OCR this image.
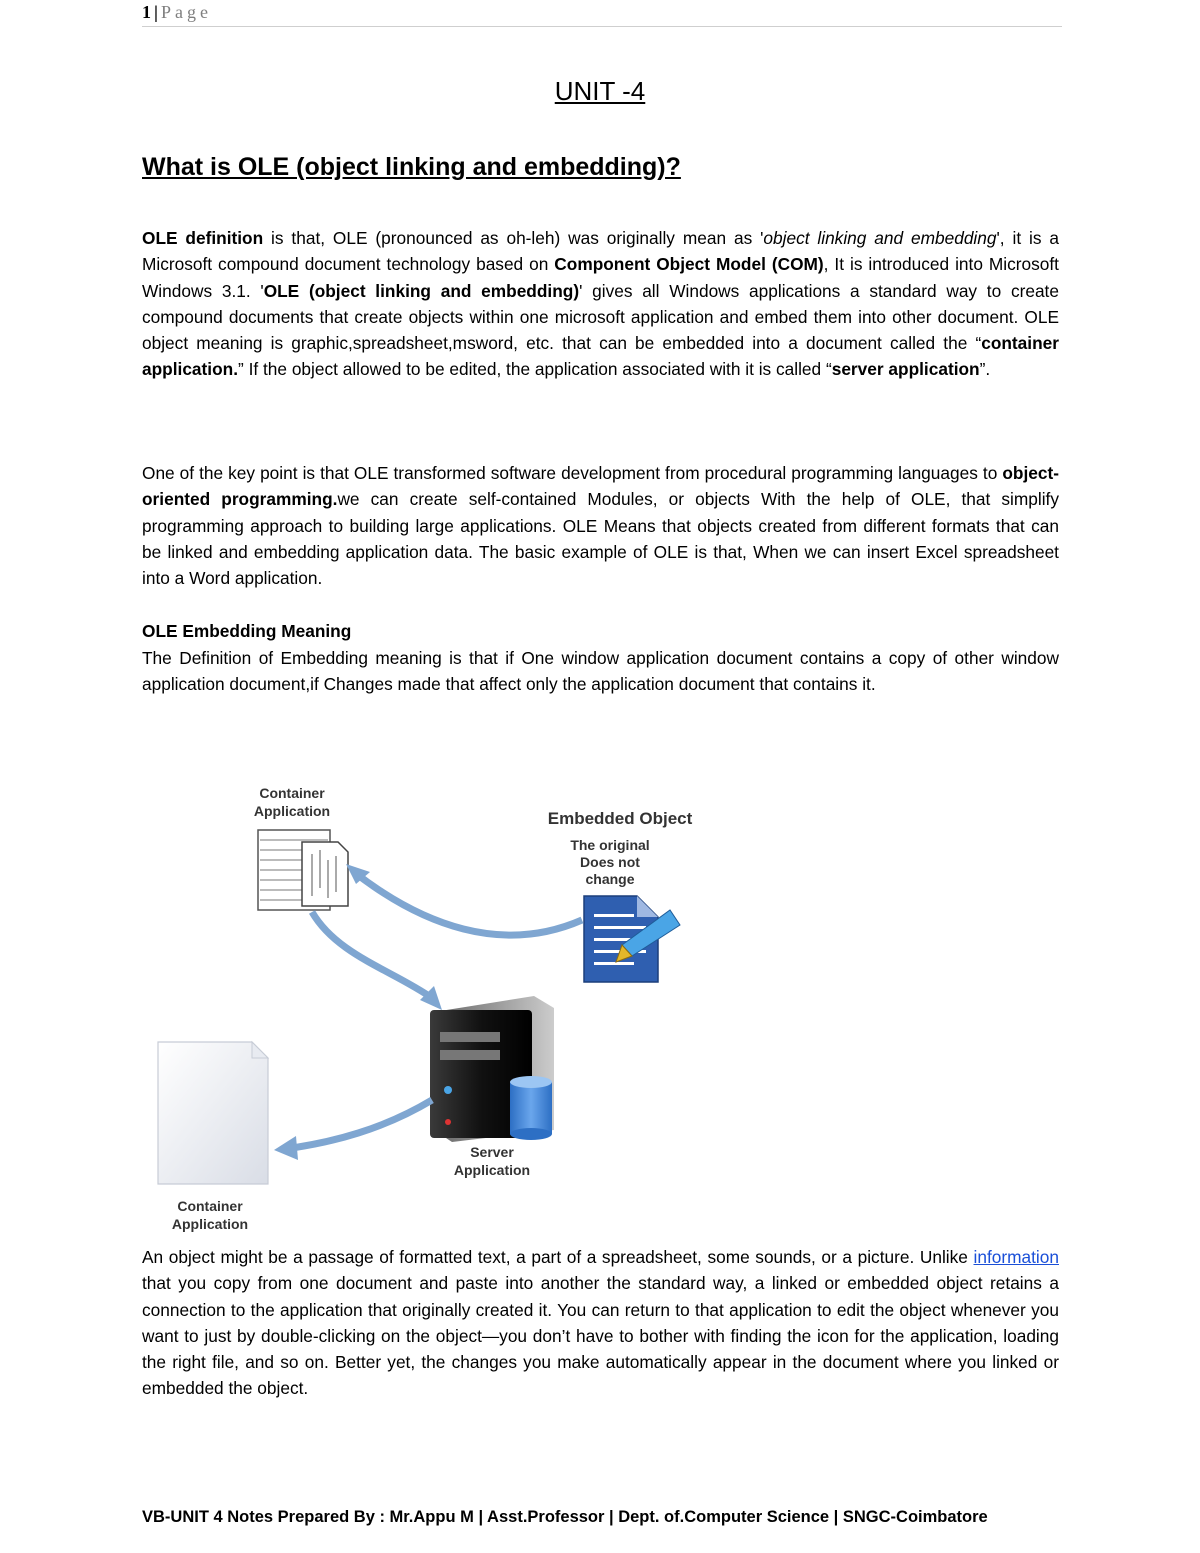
1 | Page
UNIT -4
What is OLE (object linking and embedding)?

OLE definition is that, OLE (pronounced as oh-leh) was originally mean as 'object linking and embedding', it is a Microsoft compound document technology based on Component Object Model (COM), It is introduced into Microsoft Windows 3.1. 'OLE (object linking and embedding)' gives all Windows applications a standard way to create compound documents that create objects within one microsoft application and embed them into other document. OLE object meaning is graphic,spreadsheet,msword, etc. that can be embedded into a document called the “container application.” If the object allowed to be edited, the application associated with it is called “server application”.

One of the key point is that OLE transformed software development from procedural programming languages to object-oriented programming.we can create self-contained Modules, or objects With the help of OLE, that simplify programming approach to building large applications. OLE Means that objects created from different formats that can be linked and embedding application data. The basic example of OLE is that, When we can insert Excel spreadsheet into a Word application.

OLE Embedding Meaning

The Definition of Embedding meaning is that if One window application document contains a copy of other window application document,if Changes made that affect only the application document that contains it.

Container
Application	Embedded Object
The original
Does not
change
Server
Application
Container
Application

An object might be a passage of formatted text, a part of a spreadsheet, some sounds, or a picture. Unlike information that you copy from one document and paste into another the standard way, a linked or embedded object retains a connection to the application that originally created it. You can return to that application to edit the object whenever you want to just by double-clicking on the object—you don’t have to bother with finding the icon for the application, loading the right file, and so on. Better yet, the changes you make automatically appear in the document where you linked or embedded the object.

VB-UNIT 4 Notes Prepared By : Mr.Appu M | Asst.Professor | Dept. of.Computer Science | SNGC-Coimbatore
